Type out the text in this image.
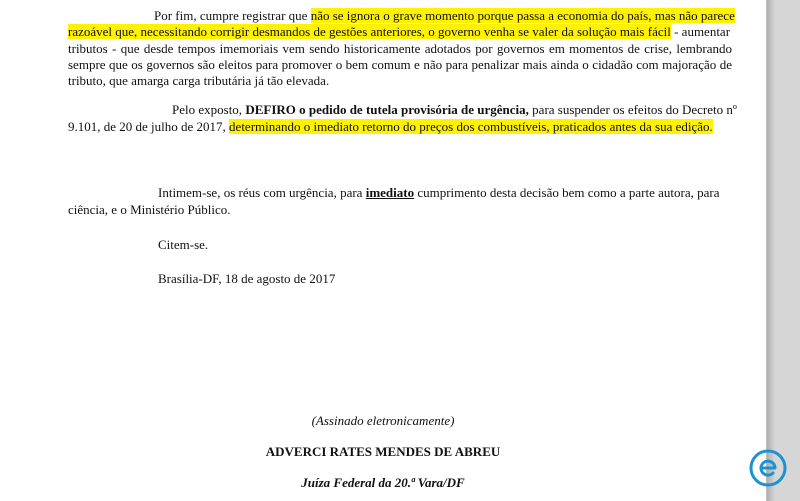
Por fim, cumpre registrar que não se ignora o grave momento porque passa a economia do país, mas não parece
razoável que, necessitando corrigir desmandos de gestões anteriores, o governo venha se valer da solução mais fácil - aumentar
tributos - que desde tempos imemoriais vem sendo historicamente adotados por governos em momentos de crise, lembrando
sempre que os governos são eleitos para promover o bem comum e não para penalizar mais ainda o cidadão com majoração de
tributo, que amarga carga tributária já tão elevada.
Pelo exposto, DEFIRO o pedido de tutela provisória de urgência, para suspender os efeitos do Decreto nº
9.101, de 20 de julho de 2017, determinando o imediato retorno do preços dos combustíveis, praticados antes da sua edição.
Intimem-se, os réus com urgência, para imediato cumprimento desta decisão bem como a parte autora, para
ciência, e o Ministério Público.
Citem-se.
Brasília-DF, 18 de agosto de 2017
(Assinado eletronicamente)
ADVERCI RATES MENDES DE ABREU
Juíza Federal da 20.ª Vara/DF
